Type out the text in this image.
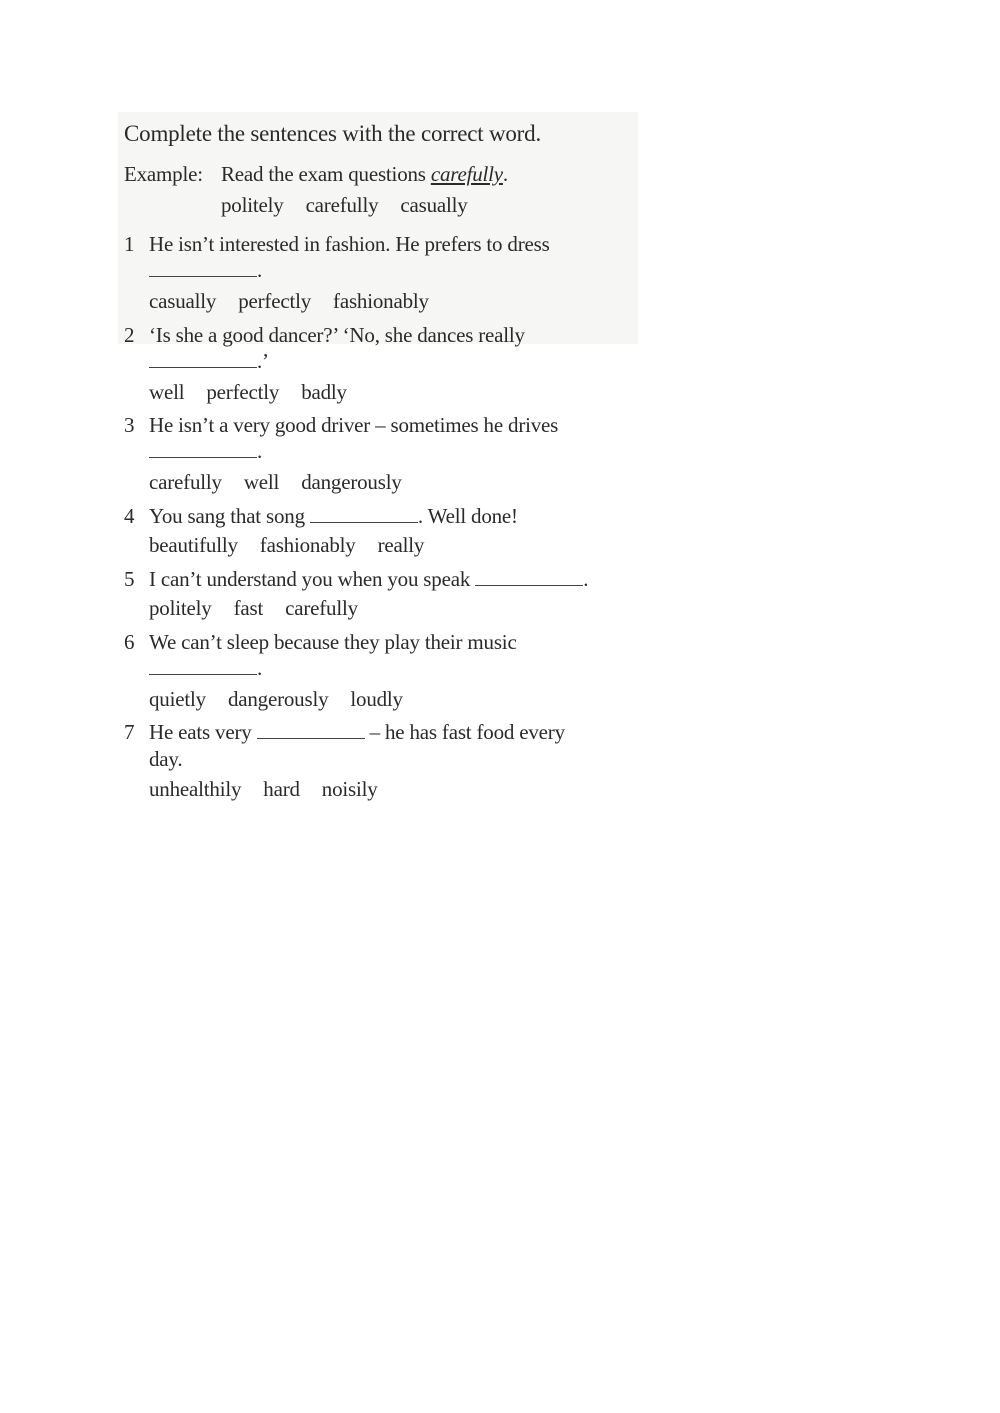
Complete the sentences with the correct word.
Example: Read the exam questions carefully.
politely carefully casually
1 He isn’t interested in fashion. He prefers to dress
.
casually perfectly fashionably
2 ‘Is she a good dancer?’ ‘No, she dances really
.’
well perfectly badly
3 He isn’t a very good driver – sometimes he drives
.
carefully well dangerously
4 You sang that song	. Well done!
beautifully fashionably really
5 I can’t understand you when you speak	.
politely fast carefully
6 We can’t sleep because they play their music
.
quietly dangerously loudly
7 He eats very	– he has fast food every
day.
unhealthily hard noisily
